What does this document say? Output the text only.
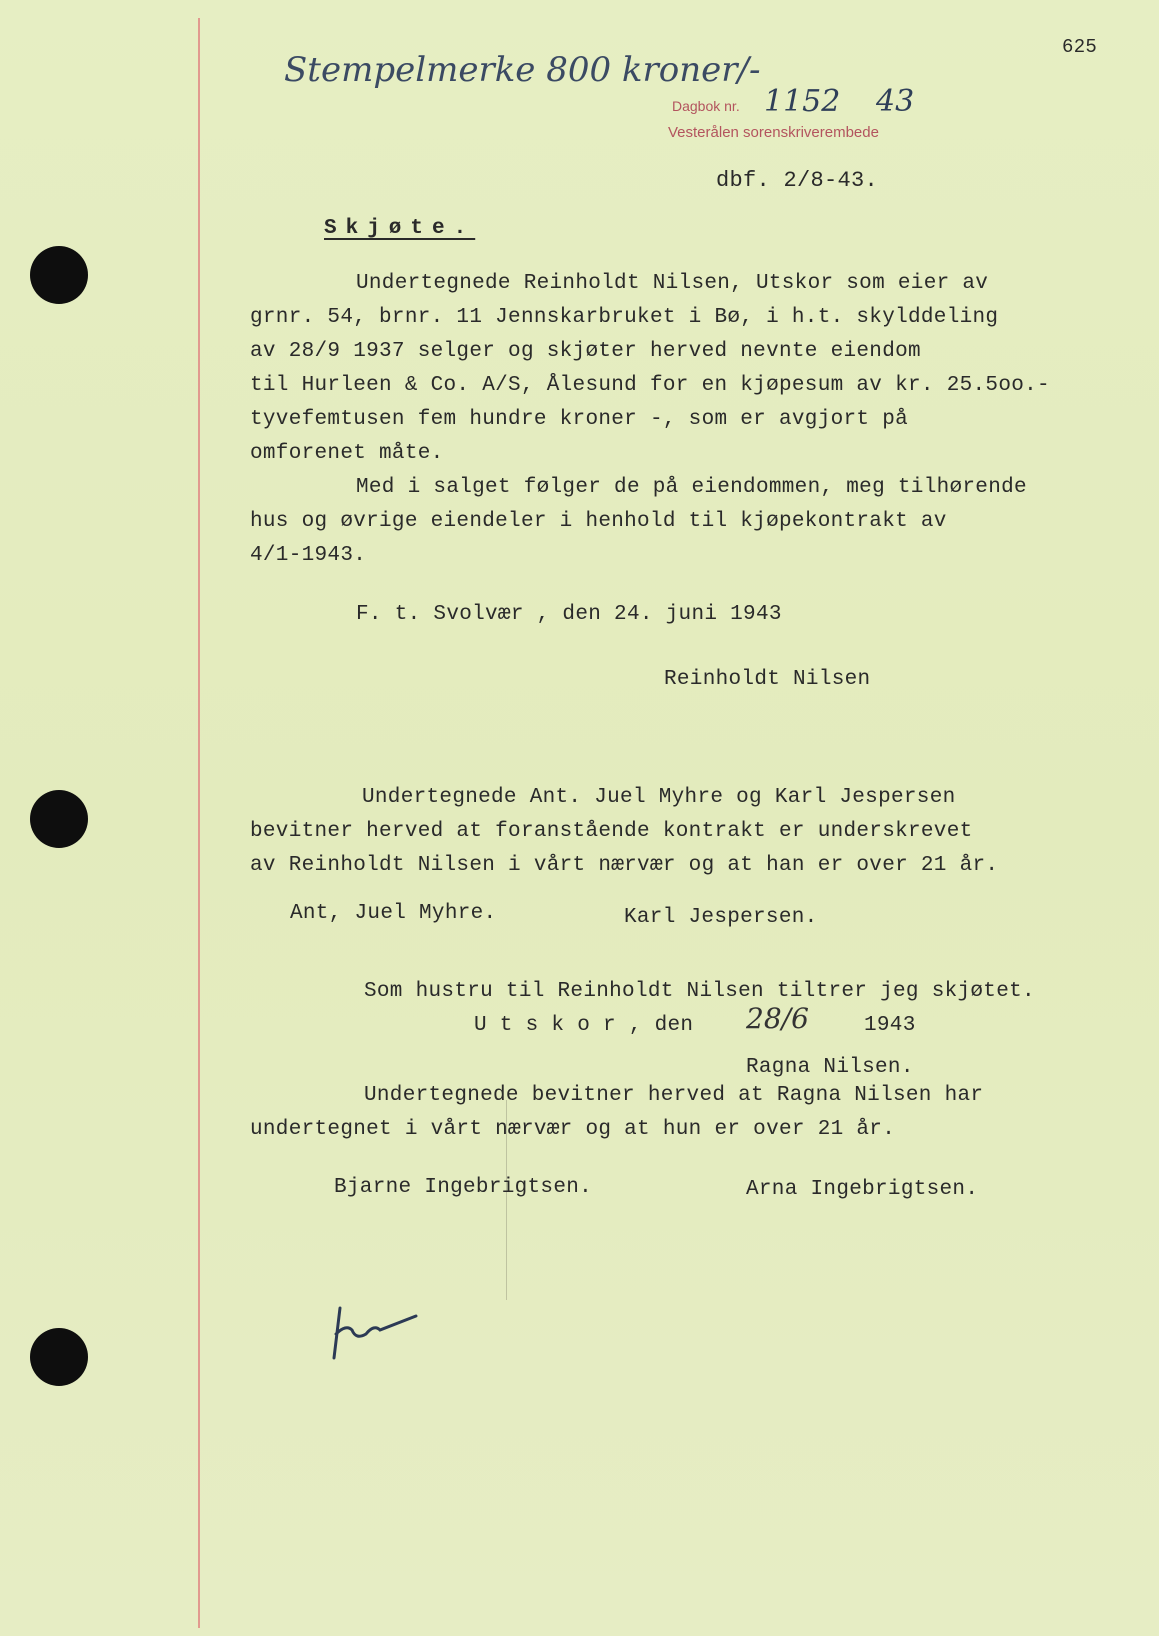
625
Stempelmerke 800 kroner/-
Dagbok nr. 1152 43
Vesterålen sorenskriverembede
dbf. 2/8-43.
Skjøte.
Undertegnede Reinholdt Nilsen, Utskor som eier av
grnr. 54, brnr. 11 Jennskarbruket i Bø, i h.t. skylddeling
av 28/9 1937 selger og skjøter herved nevnte eiendom
til Hurleen & Co. A/S, Ålesund for en kjøpesum av kr. 25.5oo.-
tyvefemtusen fem hundre kroner -, som er avgjort på
omforenet måte.
Med i salget følger de på eiendommen, meg tilhørende
hus og øvrige eiendeler i henhold til kjøpekontrakt av
4/1-1943.
F. t. Svolvær , den 24. juni 1943
Reinholdt Nilsen
Undertegnede Ant. Juel Myhre og Karl Jespersen
bevitner herved at foranstående kontrakt er underskrevet
av Reinholdt Nilsen i vårt nærvær og at han er over 21 år.
Ant, Juel Myhre.	Karl Jespersen.
Som hustru til Reinholdt Nilsen tiltrer jeg skjøtet.
U t s k o r , den 28/6	1943
Ragna Nilsen.
Undertegnede bevitner herved at Ragna Nilsen har
undertegnet i vårt nærvær og at hun er over 21 år.
Bjarne Ingebrigtsen.	Arna Ingebrigtsen.
